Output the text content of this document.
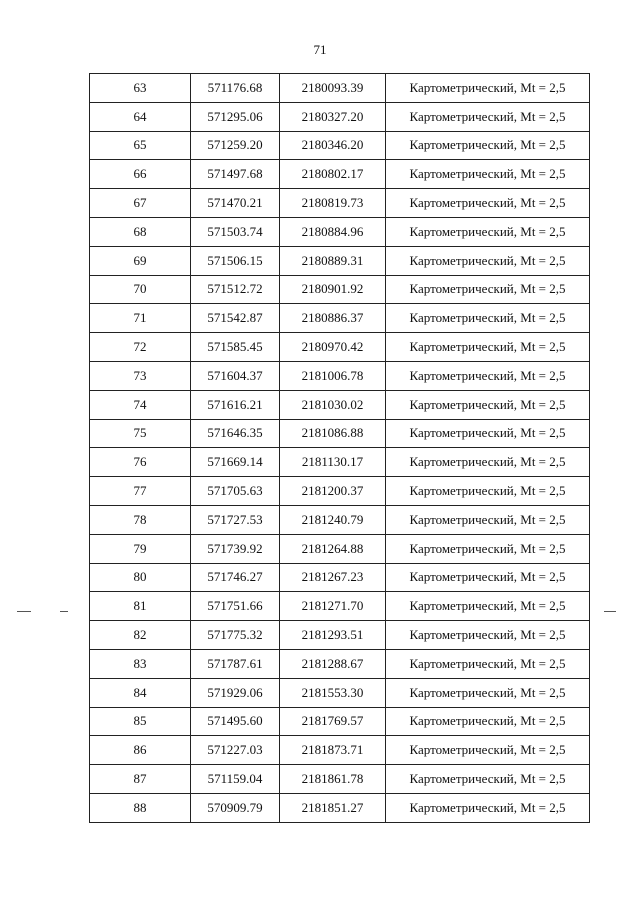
71
63	571176.68	2180093.39	Картометрический, Mt = 2,5
64	571295.06	2180327.20	Картометрический, Mt = 2,5
65	571259.20	2180346.20	Картометрический, Mt = 2,5
66	571497.68	2180802.17	Картометрический, Mt = 2,5
67	571470.21	2180819.73	Картометрический, Mt = 2,5
68	571503.74	2180884.96	Картометрический, Mt = 2,5
69	571506.15	2180889.31	Картометрический, Mt = 2,5
70	571512.72	2180901.92	Картометрический, Mt = 2,5
71	571542.87	2180886.37	Картометрический, Mt = 2,5
72	571585.45	2180970.42	Картометрический, Mt = 2,5
73	571604.37	2181006.78	Картометрический, Mt = 2,5
74	571616.21	2181030.02	Картометрический, Mt = 2,5
75	571646.35	2181086.88	Картометрический, Mt = 2,5
76	571669.14	2181130.17	Картометрический, Mt = 2,5
77	571705.63	2181200.37	Картометрический, Mt = 2,5
78	571727.53	2181240.79	Картометрический, Mt = 2,5
79	571739.92	2181264.88	Картометрический, Mt = 2,5
80	571746.27	2181267.23	Картометрический, Mt = 2,5
81	571751.66	2181271.70	Картометрический, Mt = 2,5
82	571775.32	2181293.51	Картометрический, Mt = 2,5
83	571787.61	2181288.67	Картометрический, Mt = 2,5
84	571929.06	2181553.30	Картометрический, Mt = 2,5
85	571495.60	2181769.57	Картометрический, Mt = 2,5
86	571227.03	2181873.71	Картометрический, Mt = 2,5
87	571159.04	2181861.78	Картометрический, Mt = 2,5
88	570909.79	2181851.27	Картометрический, Mt = 2,5
